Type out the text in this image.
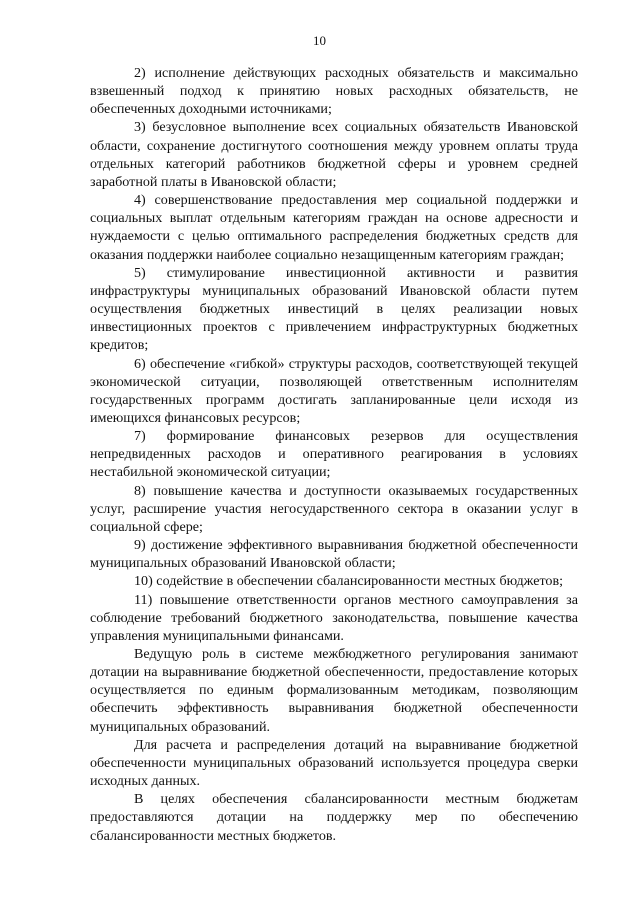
10

2) исполнение действующих расходных обязательств и максимально взвешенный подход к принятию новых расходных обязательств, не обеспеченных доходными источниками;

3) безусловное выполнение всех социальных обязательств Ивановской области, сохранение достигнутого соотношения между уровнем оплаты труда отдельных категорий работников бюджетной сферы и уровнем средней заработной платы в Ивановской области;

4) совершенствование предоставления мер социальной поддержки и социальных выплат отдельным категориям граждан на основе адресности и нуждаемости с целью оптимального распределения бюджетных средств для оказания поддержки наиболее социально незащищенным категориям граждан;

5) стимулирование инвестиционной активности и развития инфраструктуры муниципальных образований Ивановской области путем осуществления бюджетных инвестиций в целях реализации новых инвестиционных проектов с привлечением инфраструктурных бюджетных кредитов;

6) обеспечение «гибкой» структуры расходов, соответствующей текущей экономической ситуации, позволяющей ответственным исполнителям государственных программ достигать запланированные цели исходя из имеющихся финансовых ресурсов;

7) формирование финансовых резервов для осуществления непредвиденных расходов и оперативного реагирования в условиях нестабильной экономической ситуации;

8) повышение качества и доступности оказываемых государственных услуг, расширение участия негосударственного сектора в оказании услуг в социальной сфере;

9) достижение эффективного выравнивания бюджетной обеспеченности муниципальных образований Ивановской области;

10) содействие в обеспечении сбалансированности местных бюджетов;

11) повышение ответственности органов местного самоуправления за соблюдение требований бюджетного законодательства, повышение качества управления муниципальными финансами.

Ведущую роль в системе межбюджетного регулирования занимают дотации на выравнивание бюджетной обеспеченности, предоставление которых осуществляется по единым формализованным методикам, позволяющим обеспечить эффективность выравнивания бюджетной обеспеченности муниципальных образований.

Для расчета и распределения дотаций на выравнивание бюджетной обеспеченности муниципальных образований используется процедура сверки исходных данных.

В целях обеспечения сбалансированности местным бюджетам предоставляются дотации на поддержку мер по обеспечению сбалансированности местных бюджетов.
